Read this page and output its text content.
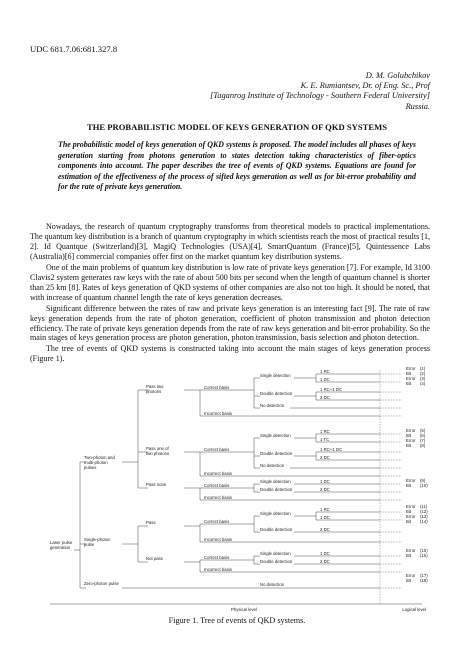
UDC 681.7.06:681.327.8
D. M. Golubchikov
K. E. Rumiantsev, Dr. of Eng. Sc., Prof
[Taganrog Institute of Technology - Southern Federal University]
Russia.
THE PROBABILISTIC MODEL OF KEYS GENERATION OF QKD SYSTEMS
The probabilistic model of keys generation of QKD systems is proposed. The model includes all phases of keys generation starting from photons generation to states detection taking characteristics of fiber-optics components into account. The paper describes the tree of events of QKD systems. Equations are found for estimation of the effectiveness of the process of sifted keys generation as well as for bit-error probability and for the rate of private keys generation.

Nowadays, the research of quantum cryptography transforms from theoretical models to practical implementations. The quantum key distribution is a branch of quantum cryptography in which scientists reach the most of practical results [1, 2]. Id Quantque (Switzerland)[3], MagiQ Technologies (USA)[4], SmartQuantum (France)[5], Quintessence Labs (Australia)[6] commercial companies offer first on the market quantum key distribution systems.

One of the main problems of quantum key distribution is low rate of private keys generation [7]. For example, Id 3100 Clavis2 system generates raw keys with the rate of about 500 bits per second when the length of quantum channel is shorter than 25 km [8]. Rates of keys generation of QKD systems of other companies are also not too high. It should be noted, that with increase of quantum channel length the rate of keys generation decreases.

Significant difference between the rates of raw and private keys generation is an interesting fact [9]. The rate of raw keys generation depends from the rate of photon generation, coefficient of photon transmission and photon detection efficiency. The rate of private keys generation depends from the rate of raw keys generation and bit-error probability. So the main stages of keys generation process are photon generation, photon transmission, basis selection and photon detection.

The tree of events of QKD systems is constructed taking into account the main stages of keys generation process (Figure 1).

Laser pulse
generation
Two-photon and
multi-photon
pulses
Single-photon
pulse
Zero-photon pulse	No detection
Pass two
photons
Correct basis
Incorrect basis
Single detection
1 RC
1 DC
Double detection
1 RC+1 DC
2 DC
No detection
Pass one of
two photons
Correct basis
Incorrect basis
Single detection
1 RC
1 TC
Double detection
1 RC+1 DC
2 DC
No detection
Pass none	Correct basis
Incorrect basis
Single detection	1 DC
Double detection	2 DC
Pass	Correct basis
Incorrect basis
Single detection
1 RC
1 DC
Double detection	2 DC
Not pass	Correct basis
Incorrect basis
Single detection	1 DC
Double detection	2 DC
Error (1)
Bit (2)
Error (3)
Bit (4)
Error (5)
Bit (6)
Error (7)
Bit (8)
Error (9)
Bit (10)
Error (11)
Bit (12)
Error (13)
Bit (14)
Error (15)
Bit (16)
Error (17)
Bit (18)
Physical level	Logical level
Figure 1. Tree of events of QKD systems.
